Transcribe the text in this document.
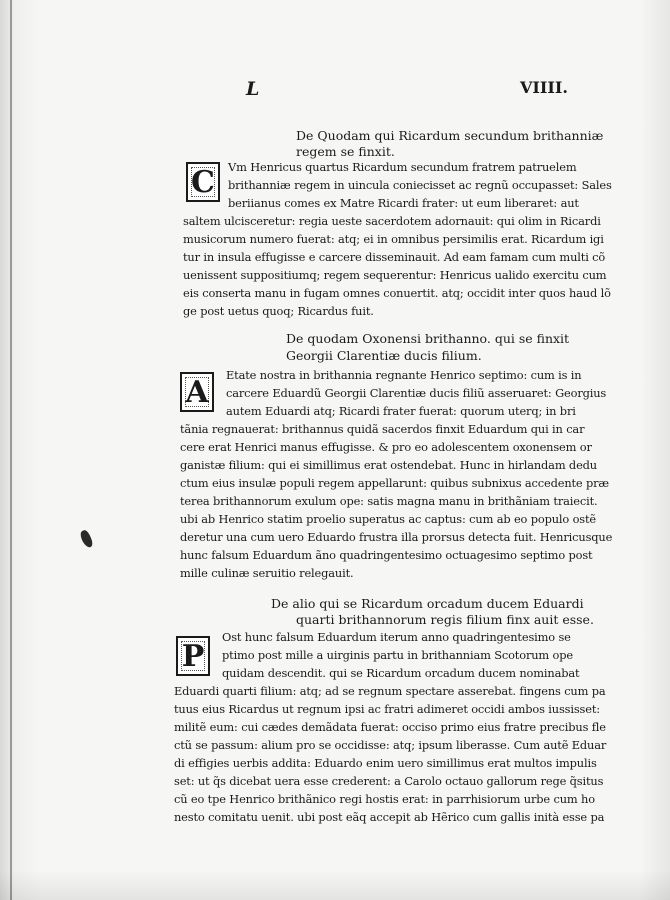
L	VIIII.
De Quodam qui Ricardum secundum brithanniæ
regem se finxit.
C	Vm Henricus quartus Ricardum secundum fratrem patruelem
brithanniæ regem in uincula coniecisset ac regnũ occupasset: Sales
beriianus comes ex Matre Ricardi frater: ut eum liberaret: aut
saltem ulcisceretur: regia ueste sacerdotem adornauit: qui olim in Ricardi
musicorum numero fuerat: atq; ei in omnibus persimilis erat. Ricardum igi
tur in insula effugisse e carcere disseminauit. Ad eam famam cum multi cõ
uenissent suppositiumq; regem sequerentur: Henricus ualido exercitu cum
eis conserta manu in fugam omnes conuertit. atq; occidit inter quos haud lõ
ge post uetus quoq; Ricardus fuit.
De quodam Oxonensi brithanno. qui se finxit
Georgii Clarentiæ ducis filium.
A	Etate nostra in brithannia regnante Henrico septimo: cum is in
carcere Eduardũ Georgii Clarentiæ ducis filiũ asseruaret: Georgius
autem Eduardi atq; Ricardi frater fuerat: quorum uterq; in bri
tãnia regnauerat: brithannus quidã sacerdos finxit Eduardum qui in car
cere erat Henrici manus effugisse. & pro eo adolescentem oxonensem or
ganistæ filium: qui ei simillimus erat ostendebat. Hunc in hirlandam dedu
ctum eius insulæ populi regem appellarunt: quibus subnixus accedente præ
terea brithannorum exulum ope: satis magna manu in brithãniam traiecit.
ubi ab Henrico statim proelio superatus ac captus: cum ab eo populo ostẽ
deretur una cum uero Eduardo frustra illa prorsus detecta fuit. Henricusque
hunc falsum Eduardum ãno quadringentesimo octuagesimo septimo post
mille culinæ seruitio relegauit.
De alio qui se Ricardum orcadum ducem Eduardi
quarti brithannorum regis filium finx auit esse.
P
Ost hunc falsum Eduardum iterum anno quadringentesimo se
ptimo post mille a uirginis partu in brithanniam Scotorum ope
quidam descendit. qui se Ricardum orcadum ducem nominabat
Eduardi quarti filium: atq; ad se regnum spectare asserebat. fingens cum pa
tuus eius Ricardus ut regnum ipsi ac fratri adimeret occidi ambos iussisset:
militẽ eum: cui cædes demãdata fuerat: occiso primo eius fratre precibus fle
ctũ se passum: alium pro se occidisse: atq; ipsum liberasse. Cum autẽ Eduar
di effigies uerbis addita: Eduardo enim uero simillimus erat multos impulis
set: ut q̃s dicebat uera esse crederent: a Carolo octauo gallorum rege q̃situs
cũ eo tpe Henrico brithãnico regi hostis erat: in parrhisiorum urbe cum ho
nesto comitatu uenit. ubi post eãq accepit ab Hẽrico cum gallis inità esse pa
